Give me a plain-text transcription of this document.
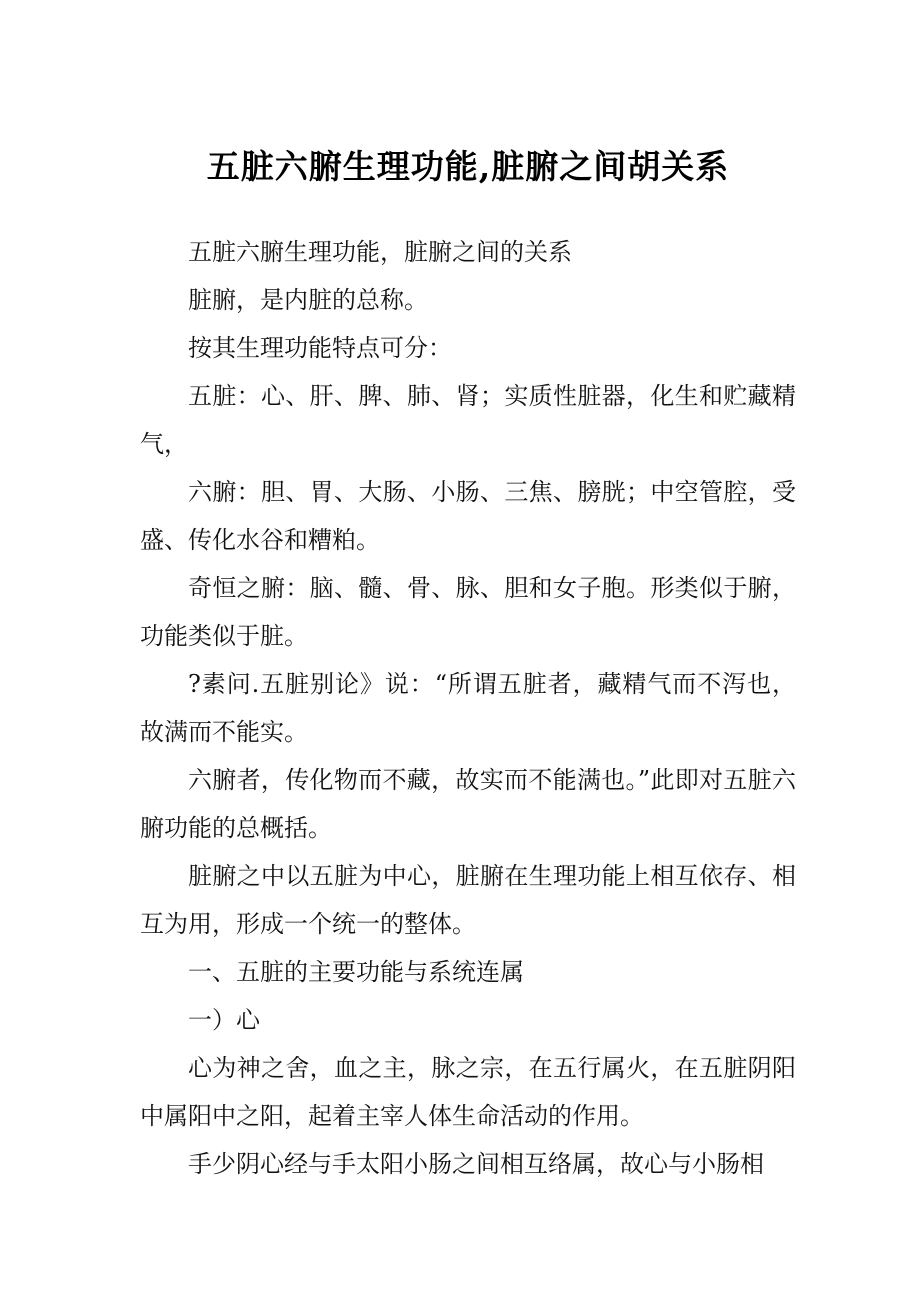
五脏六腑生理功能,脏腑之间胡关系

五脏六腑生理功能，脏腑之间的关系

脏腑，是内脏的总称。

按其生理功能特点可分：

五脏：心、肝、脾、肺、肾；实质性脏器，化生和贮藏精气，

六腑：胆、胃、大肠、小肠、三焦、膀胱；中空管腔，受盛、传化水谷和糟粕。

奇恒之腑：脑、髓、骨、脉、胆和女子胞。形类似于腑，功能类似于脏。

?素问.五脏别论》说：“所谓五脏者，藏精气而不泻也，故满而不能实。

六腑者，传化物而不藏，故实而不能满也。”此即对五脏六腑功能的总概括。

脏腑之中以五脏为中心，脏腑在生理功能上相互依存、相互为用，形成一个统一的整体。

一、五脏的主要功能与系统连属

一）心

心为神之舍，血之主，脉之宗，在五行属火，在五脏阴阳中属阳中之阳，起着主宰人体生命活动的作用。

手少阴心经与手太阳小肠之间相互络属，故心与小肠相
